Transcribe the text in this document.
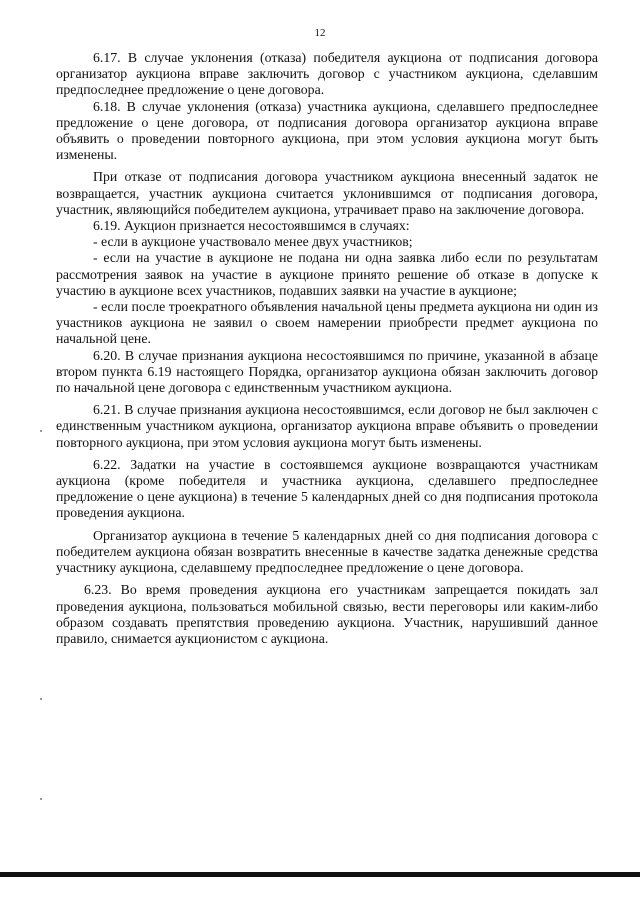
12

6.17. В случае уклонения (отказа) победителя аукциона от подписания договора организатор аукциона вправе заключить договор с участником аукциона, сделавшим предпоследнее предложение о цене договора.

6.18. В случае уклонения (отказа) участника аукциона, сделавшего предпоследнее предложение о цене договора, от подписания договора организатор аукциона вправе объявить о проведении повторного аукциона, при этом условия аукциона могут быть изменены.

При отказе от подписания договора участником аукциона внесенный задаток не возвращается, участник аукциона считается уклонившимся от подписания договора, участник, являющийся победителем аукциона, утрачивает право на заключение договора.

6.19. Аукцион признается несостоявшимся в случаях:

- если в аукционе участвовало менее двух участников;

- если на участие в аукционе не подана ни одна заявка либо если по результатам рассмотрения заявок на участие в аукционе принято решение об отказе в допуске к участию в аукционе всех участников, подавших заявки на участие в аукционе;

- если после троекратного объявления начальной цены предмета аукциона ни один из участников аукциона не заявил о своем намерении приобрести предмет аукциона по начальной цене.

6.20. В случае признания аукциона несостоявшимся по причине, указанной в абзаце втором пункта 6.19 настоящего Порядка, организатор аукциона обязан заключить договор по начальной цене договора с единственным участником аукциона.

6.21. В случае признания аукциона несостоявшимся, если договор не был заключен с единственным участником аукциона, организатор аукциона вправе объявить о проведении повторного аукциона, при этом условия аукциона могут быть изменены.

6.22. Задатки на участие в состоявшемся аукционе возвращаются участникам аукциона (кроме победителя и участника аукциона, сделавшего предпоследнее предложение о цене аукциона) в течение 5 календарных дней со дня подписания протокола проведения аукциона.

Организатор аукциона в течение 5 календарных дней со дня подписания договора с победителем аукциона обязан возвратить внесенные в качестве задатка денежные средства участнику аукциона, сделавшему предпоследнее предложение о цене договора.

6.23. Во время проведения аукциона его участникам запрещается покидать зал проведения аукциона, пользоваться мобильной связью, вести переговоры или каким-либо образом создавать препятствия проведению аукциона. Участник, нарушивший данное правило, снимается аукционистом с аукциона.
